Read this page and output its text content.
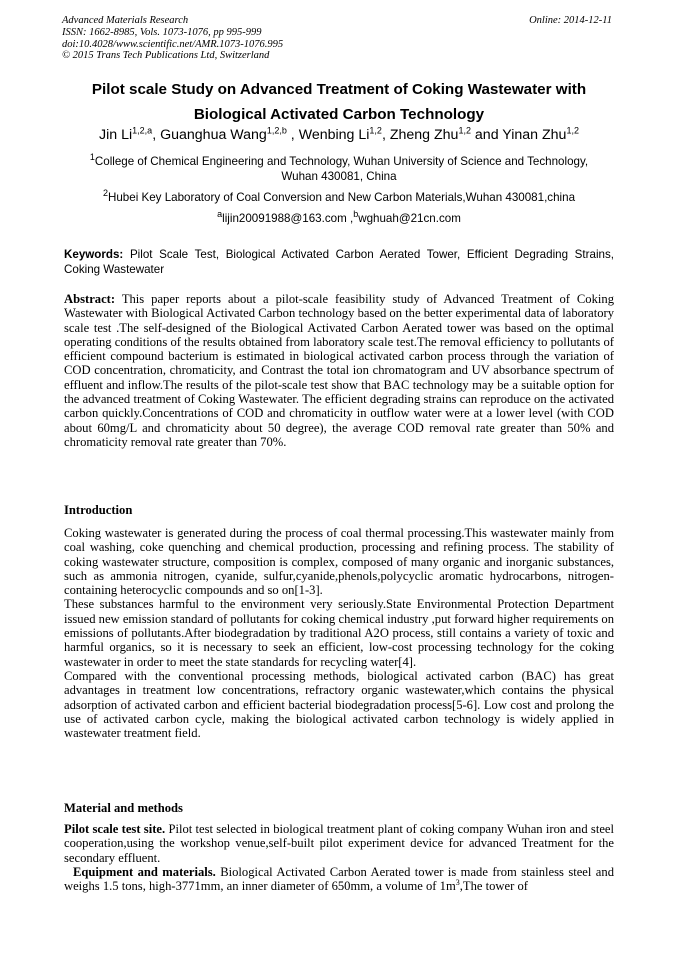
Advanced Materials Research
ISSN: 1662-8985, Vols. 1073-1076, pp 995-999
doi:10.4028/www.scientific.net/AMR.1073-1076.995
© 2015 Trans Tech Publications Ltd, Switzerland
Online: 2014-12-11
Pilot scale Study on Advanced Treatment of Coking Wastewater with
Biological Activated Carbon Technology
Jin Li$^{1,2,a}$, Guanghua Wang$^{1,2,b}$ , Wenbing Li$^{1,2}$, Zheng Zhu$^{1,2}$ and Yinan Zhu$^{1,2}$
$^1$College of Chemical Engineering and Technology, Wuhan University of Science and Technology,
Wuhan 430081, China
$^2$Hubei Key Laboratory of Coal Conversion and New Carbon Materials,Wuhan 430081,china
$^a$lijin20091988@163.com ,$^b$wghuah@21cn.com
Keywords: Pilot Scale Test, Biological Activated Carbon Aerated Tower, Efficient Degrading Strains, Coking Wastewater

Abstract: This paper reports about a pilot-scale feasibility study of Advanced Treatment of Coking Wastewater with Biological Activated Carbon technology based on the better experimental data of laboratory scale test .The self-designed of the Biological Activated Carbon Aerated tower was based on the optimal operating conditions of the results obtained from laboratory scale test.The removal efficiency to pollutants of efficient compound bacterium is estimated in biological activated carbon process through the variation of COD concentration, chromaticity, and Contrast the total ion chromatogram and UV absorbance spectrum of effluent and inflow.The results of the pilot-scale test show that BAC technology may be a suitable option for the advanced treatment of Coking Wastewater. The efficient degrading strains can reproduce on the activated carbon quickly.Concentrations of COD and chromaticity in outflow water were at a lower level (with COD about 60mg/L and chromaticity about 50 degree), the average COD removal rate greater than 50% and chromaticity removal rate greater than 70%.

Introduction

Coking wastewater is generated during the process of coal thermal processing.This wastewater mainly from coal washing, coke quenching and chemical production, processing and refining process. The stability of coking wastewater structure, composition is complex, composed of many organic and inorganic substances, such as ammonia nitrogen, cyanide, sulfur,cyanide,phenols,polycyclic aromatic hydrocarbons, nitrogen-containing heterocyclic compounds and so on[1-3].

These substances harmful to the environment very seriously.State Environmental Protection Department issued new emission standard of pollutants for coking chemical industry ,put forward higher requirements on emissions of pollutants.After biodegradation by traditional A2O process, still contains a variety of toxic and harmful organics, so it is necessary to seek an efficient, low-cost processing technology for the coking wastewater in order to meet the state standards for recycling water[4].

Compared with the conventional processing methods, biological activated carbon (BAC) has great advantages in treatment low concentrations, refractory organic wastewater,which contains the physical adsorption of activated carbon and efficient bacterial biodegradation process[5-6]. Low cost and prolong the use of activated carbon cycle, making the biological activated carbon technology is widely applied in wastewater treatment field.

Material and methods

Pilot scale test site. Pilot test selected in biological treatment plant of coking company Wuhan iron and steel cooperation,using the workshop venue,self-built pilot experiment device for advanced Treatment for the secondary effluent.

Equipment and materials. Biological Activated Carbon Aerated tower is made from stainless steel and weighs 1.5 tons, high-3771mm, an inner diameter of 650mm, a volume of $1m^3,The$ tower of
